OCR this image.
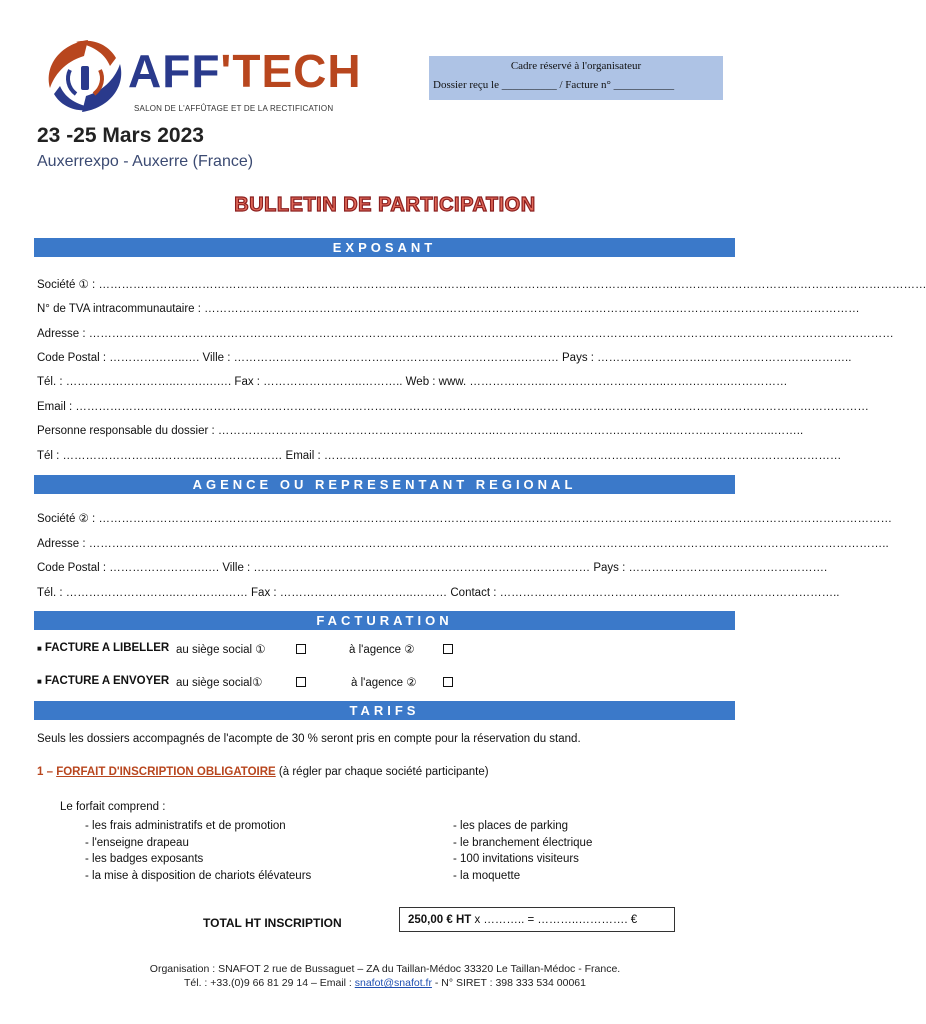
AFF'TECH
SALON DE L'AFFÛTAGE ET DE LA RECTIFICATION
Cadre réservé à l'organisateur
Dossier reçu le __________ / Facture n° ___________
23 -25 Mars 2023
Auxerrexpo - Auxerre (France)
BULLETIN DE PARTICIPATION
EXPOSANT
Société ① : ………………………………………………………………………………………………………………………………………………………………………………………………
N° de TVA intracommunautaire : ………………………………………………………………………………………………………………………………………………………
Adresse : …………………………………………………………………………………………………………………………………………………………………………………………
Code Postal : ………………..…. Ville : ………………………………………………………………….……… Pays : ………………………..………………………………..
Tél. : ………………………..…….….…. Fax : ……………………..……….. Web : www. ………………..…………………………..…….……….……………
Email : ………………………………………………………………………………………………………………………………………………………………………………………
Personne responsable du dossier : …………………………………………………..…………..……………..…………….…………..……….……………..……..
Tél : ……………………..………..………………… Email : ………………………………………………………………………………………………………………………
AGENCE OU REPRESENTANT REGIONAL
Société ② : ………………………………………………………………………………………………………………………………………………………………………………………
Adresse : ………………………………………………………………………………………………………………………………………………………………………………………..
Code Postal : …………………….…. Ville : ………………………….………………………………………………… Pays : …………………………………………….
Tél. : ………………………..………….…… Fax : ……………………………..……… Contact : ……………………………………………………………………………..
FACTURATION
■ FACTURE A LIBELLER au siège social ①	à l'agence ②
■ FACTURE A ENVOYER au siège social①	à l'agence ②
TARIFS
Seuls les dossiers accompagnés de l'acompte de 30 % seront pris en compte pour la réservation du stand.
1 – FORFAIT D'INSCRIPTION OBLIGATOIRE (à régler par chaque société participante)
Le forfait comprend :
- les frais administratifs et de promotion
- l'enseigne drapeau
- les badges exposants
- la mise à disposition de chariots élévateurs
- les places de parking
- le branchement électrique
- 100 invitations visiteurs
- la moquette
TOTAL HT INSCRIPTION	250,00 € HT x ……….. = ………..…………. €
Organisation : SNAFOT 2 rue de Bussaguet – ZA du Taillan-Médoc 33320 Le Taillan-Médoc - France.
Tél. : +33.(0)9 66 81 29 14 – Email : snafot@snafot.fr - N° SIRET : 398 333 534 00061
